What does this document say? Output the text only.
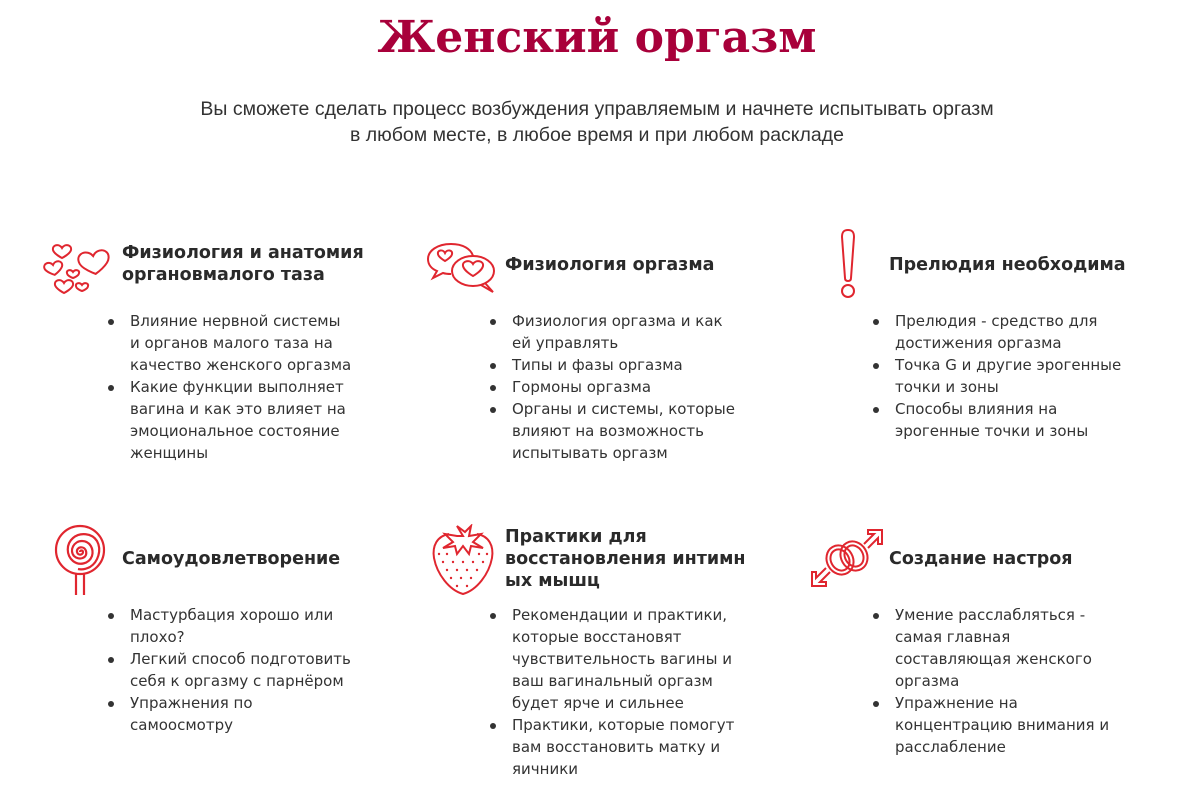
Женский оргазм
Вы сможете сделать процесс возбуждения управляемым и начнете испытывать оргазм
в любом месте, в любое время и при любом раскладе
Физиология и анатомия
органовмалого таза
Влияние нервной системы
и органов малого таза на
качество женского оргазма
Какие функции выполняет
вагина и как это влияет на
эмоциональное состояние
женщины
Физиология оргазма
Физиология оргазма и как
ей управлять
Типы и фазы оргазма
Гормоны оргазма
Органы и системы, которые
влияют на возможность
испытывать оргазм
Прелюдия необходима
Прелюдия - средство для
достижения оргазма
Точка G и другие эрогенные
точки и зоны
Способы влияния на
эрогенные точки и зоны
Самоудовлетворение
Мастурбация хорошо или
плохо?
Легкий способ подготовить
себя к оргазму с парнёром
Упражнения по
самоосмотру
Практики для
восстановления интимн
ых мышц
Рекомендации и практики,
которые восстановят
чувствительность вагины и
ваш вагинальный оргазм
будет ярче и сильнее
Практики, которые помогут
вам восстановить матку и
яичники
Создание настроя
Умение расслабляться -
самая главная
составляющая женского
оргазма
Упражнение на
концентрацию внимания и
расслабление
